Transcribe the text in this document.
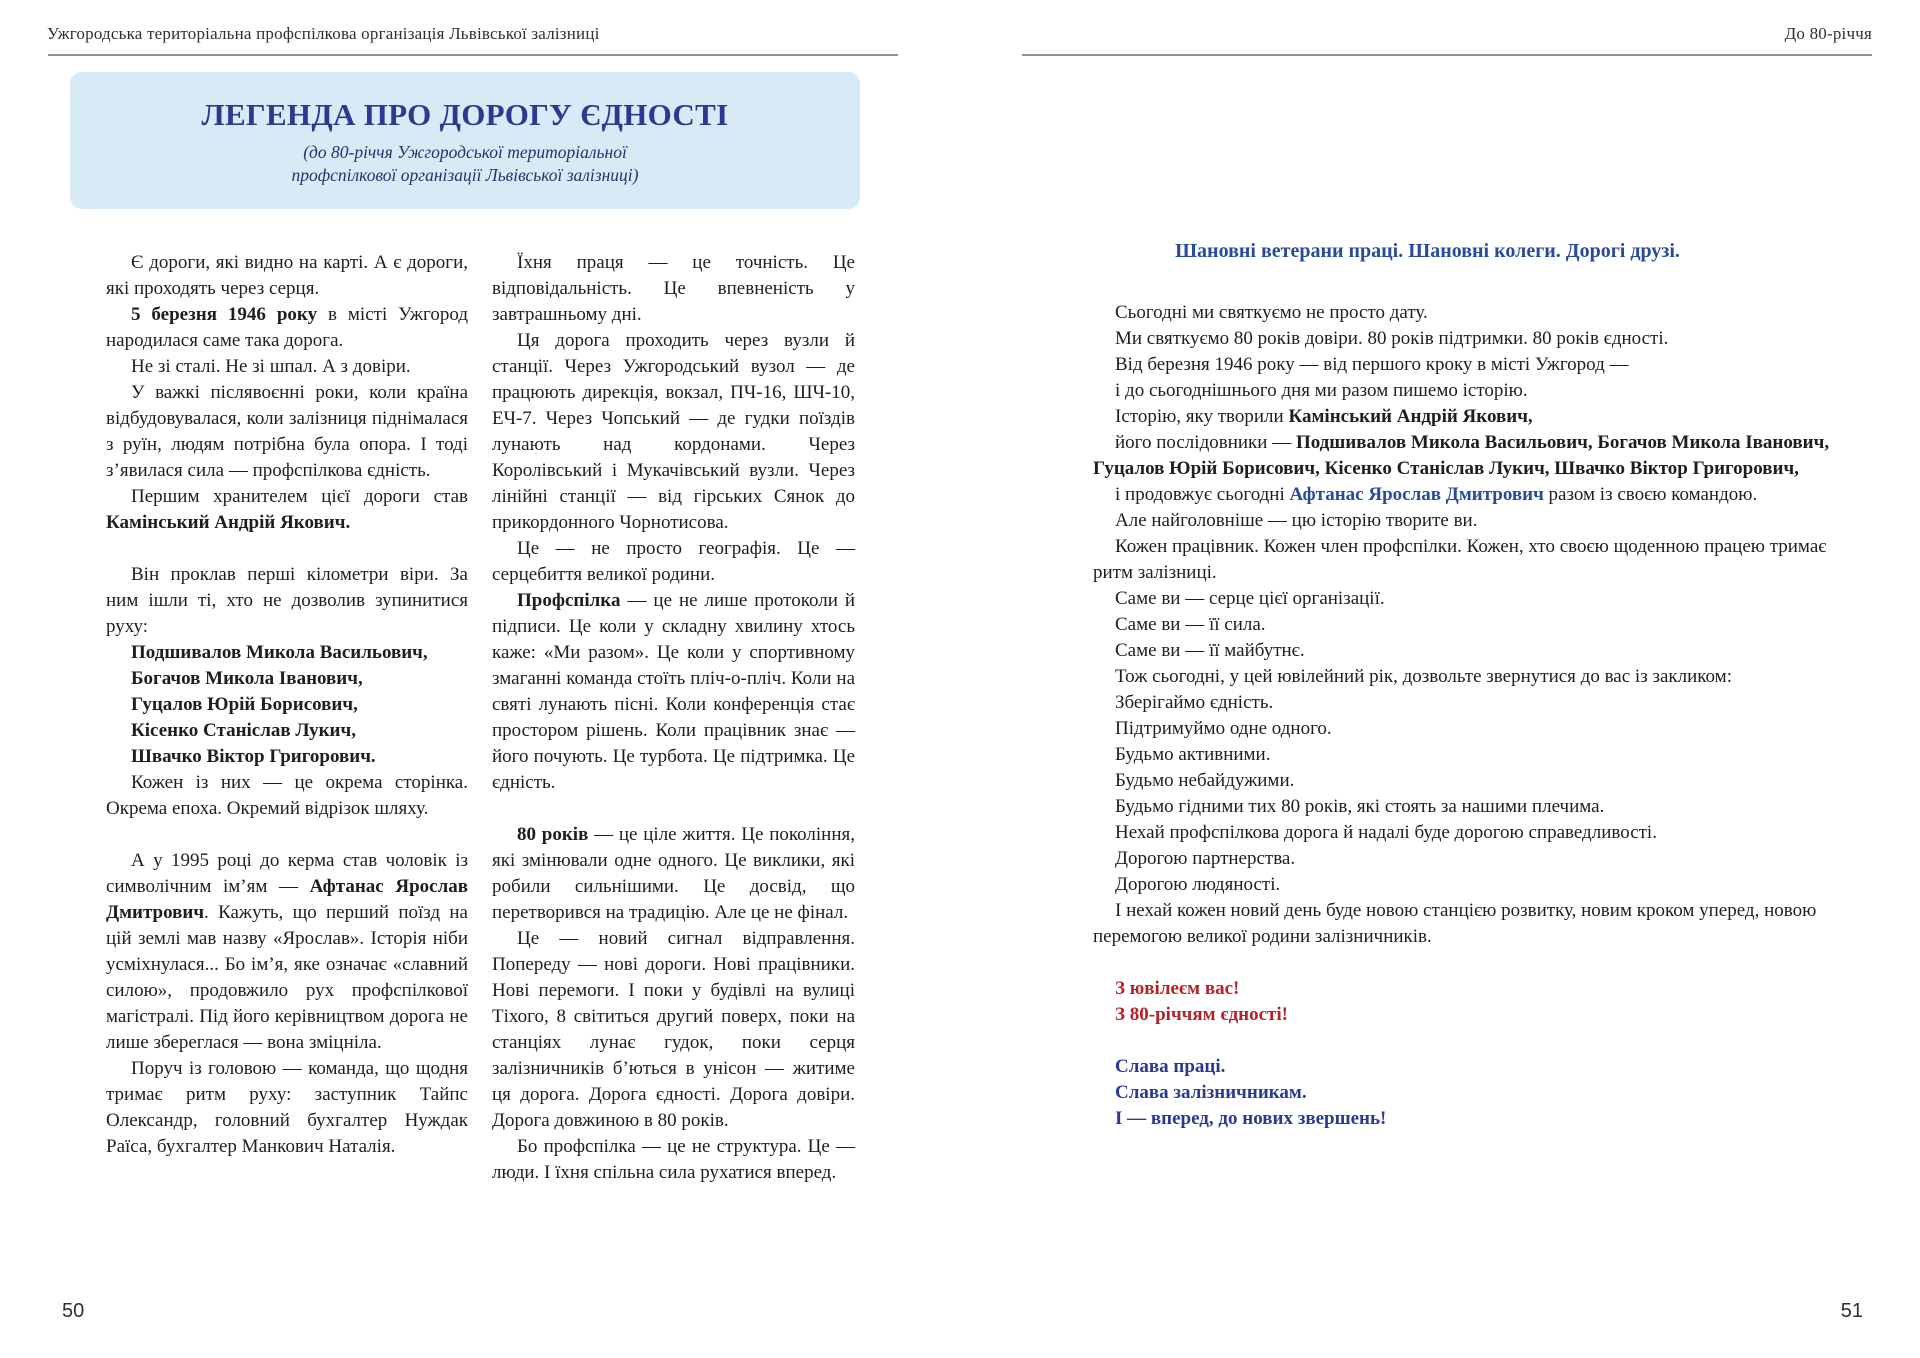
Ужгородська територіальна профспілкова організація Львівської залізниці	До 80-річчя
ЛЕГЕНДА ПРО ДОРОГУ ЄДНОСТІ
(до 80-річчя Ужгородської територіальної
профспілкової організації Львівської залізниці)

Є дороги, які видно на карті. А є дороги, які проходять через серця.

5 березня 1946 року в місті Ужгород народилася саме така дорога.

Не зі сталі. Не зі шпал. А з довіри.

У важкі післявоєнні роки, коли країна відбудовувалася, коли залізниця піднімалася з руїн, людям потрібна була опора. І тоді з’явилася сила — профспілкова єдність.

Першим хранителем цієї дороги став Камінський Андрій Якович.

Він проклав перші кілометри віри. За ним ішли ті, хто не дозволив зупинитися руху:

Подшивалов Микола Васильович,

Богачов Микола Іванович,

Гуцалов Юрій Борисович,

Кісенко Станіслав Лукич,

Швачко Віктор Григорович.

Кожен із них — це окрема сторінка. Окрема епоха. Окремий відрізок шляху.

А у 1995 році до керма став чоловік із символічним ім’ям — Афтанас Ярослав Дмитрович. Кажуть, що перший поїзд на цій землі мав назву «Ярослав». Історія ніби усміхнулася... Бо ім’я, яке означає «славний силою», продовжило рух профспілкової магістралі. Під його керівництвом дорога не лише збереглася — вона зміцніла.

Поруч із головою — команда, що щодня тримає ритм руху: заступник Тайпс Олександр, головний бухгалтер Нуждак Раїса, бухгалтер Манкович Наталія.

Їхня праця — це точність. Це відповідальність. Це впевненість у завтрашньому дні.

Ця дорога проходить через вузли й станції. Через Ужгородський вузол — де працюють дирекція, вокзал, ПЧ-16, ШЧ-10, ЕЧ-7. Через Чопський — де гудки поїздів лунають над кордонами. Через Королівський і Мукачівський вузли. Через лінійні станції — від гірських Сянок до прикордонного Чорнотисова.

Це — не просто географія. Це — серцебиття великої родини.

Профспілка — це не лише протоколи й підписи. Це коли у складну хвилину хтось каже: «Ми разом». Це коли у спортивному змаганні команда стоїть пліч-о-пліч. Коли на святі лунають пісні. Коли конференція стає простором рішень. Коли працівник знає — його почують. Це турбота. Це підтримка. Це єдність.

80 років — це ціле життя. Це покоління, які змінювали одне одного. Це виклики, які робили сильнішими. Це досвід, що перетворився на традицію. Але це не фінал.

Це — новий сигнал відправлення. Попереду — нові дороги. Нові працівники. Нові перемоги. І поки у будівлі на вулиці Тіхого, 8 світиться другий поверх, поки на станціях лунає гудок, поки серця залізничників б’ються в унісон — житиме ця дорога. Дорога єдності. Дорога довіри. Дорога довжиною в 80 років.

Бо профспілка — це не структура. Це — люди. І їхня спільна сила рухатися вперед.

50
Шановні ветерани праці. Шановні колеги. Дорогі друзі.

Сьогодні ми святкуємо не просто дату.

Ми святкуємо 80 років довіри. 80 років підтримки. 80 років єдності.

Від березня 1946 року — від першого кроку в місті Ужгород —

і до сьогоднішнього дня ми разом пишемо історію.

Історію, яку творили Камінський Андрій Якович,

його послідовники — Подшивалов Микола Васильович, Богачов Микола Іванович, Гуцалов Юрій Борисович, Кісенко Станіслав Лукич, Швачко Віктор Григорович,

і продовжує сьогодні Афтанас Ярослав Дмитрович разом із своєю командою.

Але найголовніше — цю історію творите ви.

Кожен працівник. Кожен член профспілки. Кожен, хто своєю щоденною працею тримає ритм залізниці.

Саме ви — серце цієї організації.

Саме ви — її сила.

Саме ви — її майбутнє.

Тож сьогодні, у цей ювілейний рік, дозвольте звернутися до вас із закликом:

Зберігаймо єдність.

Підтримуймо одне одного.

Будьмо активними.

Будьмо небайдужими.

Будьмо гідними тих 80 років, які стоять за нашими плечима.

Нехай профспілкова дорога й надалі буде дорогою справедливості.

Дорогою партнерства.

Дорогою людяності.

І нехай кожен новий день буде новою станцією розвитку, новим кроком уперед, новою перемогою великої родини залізничників.

З ювілеєм вас!

З 80-річчям єдності!

Слава праці.

Слава залізничникам.

І — вперед, до нових звершень!

51
